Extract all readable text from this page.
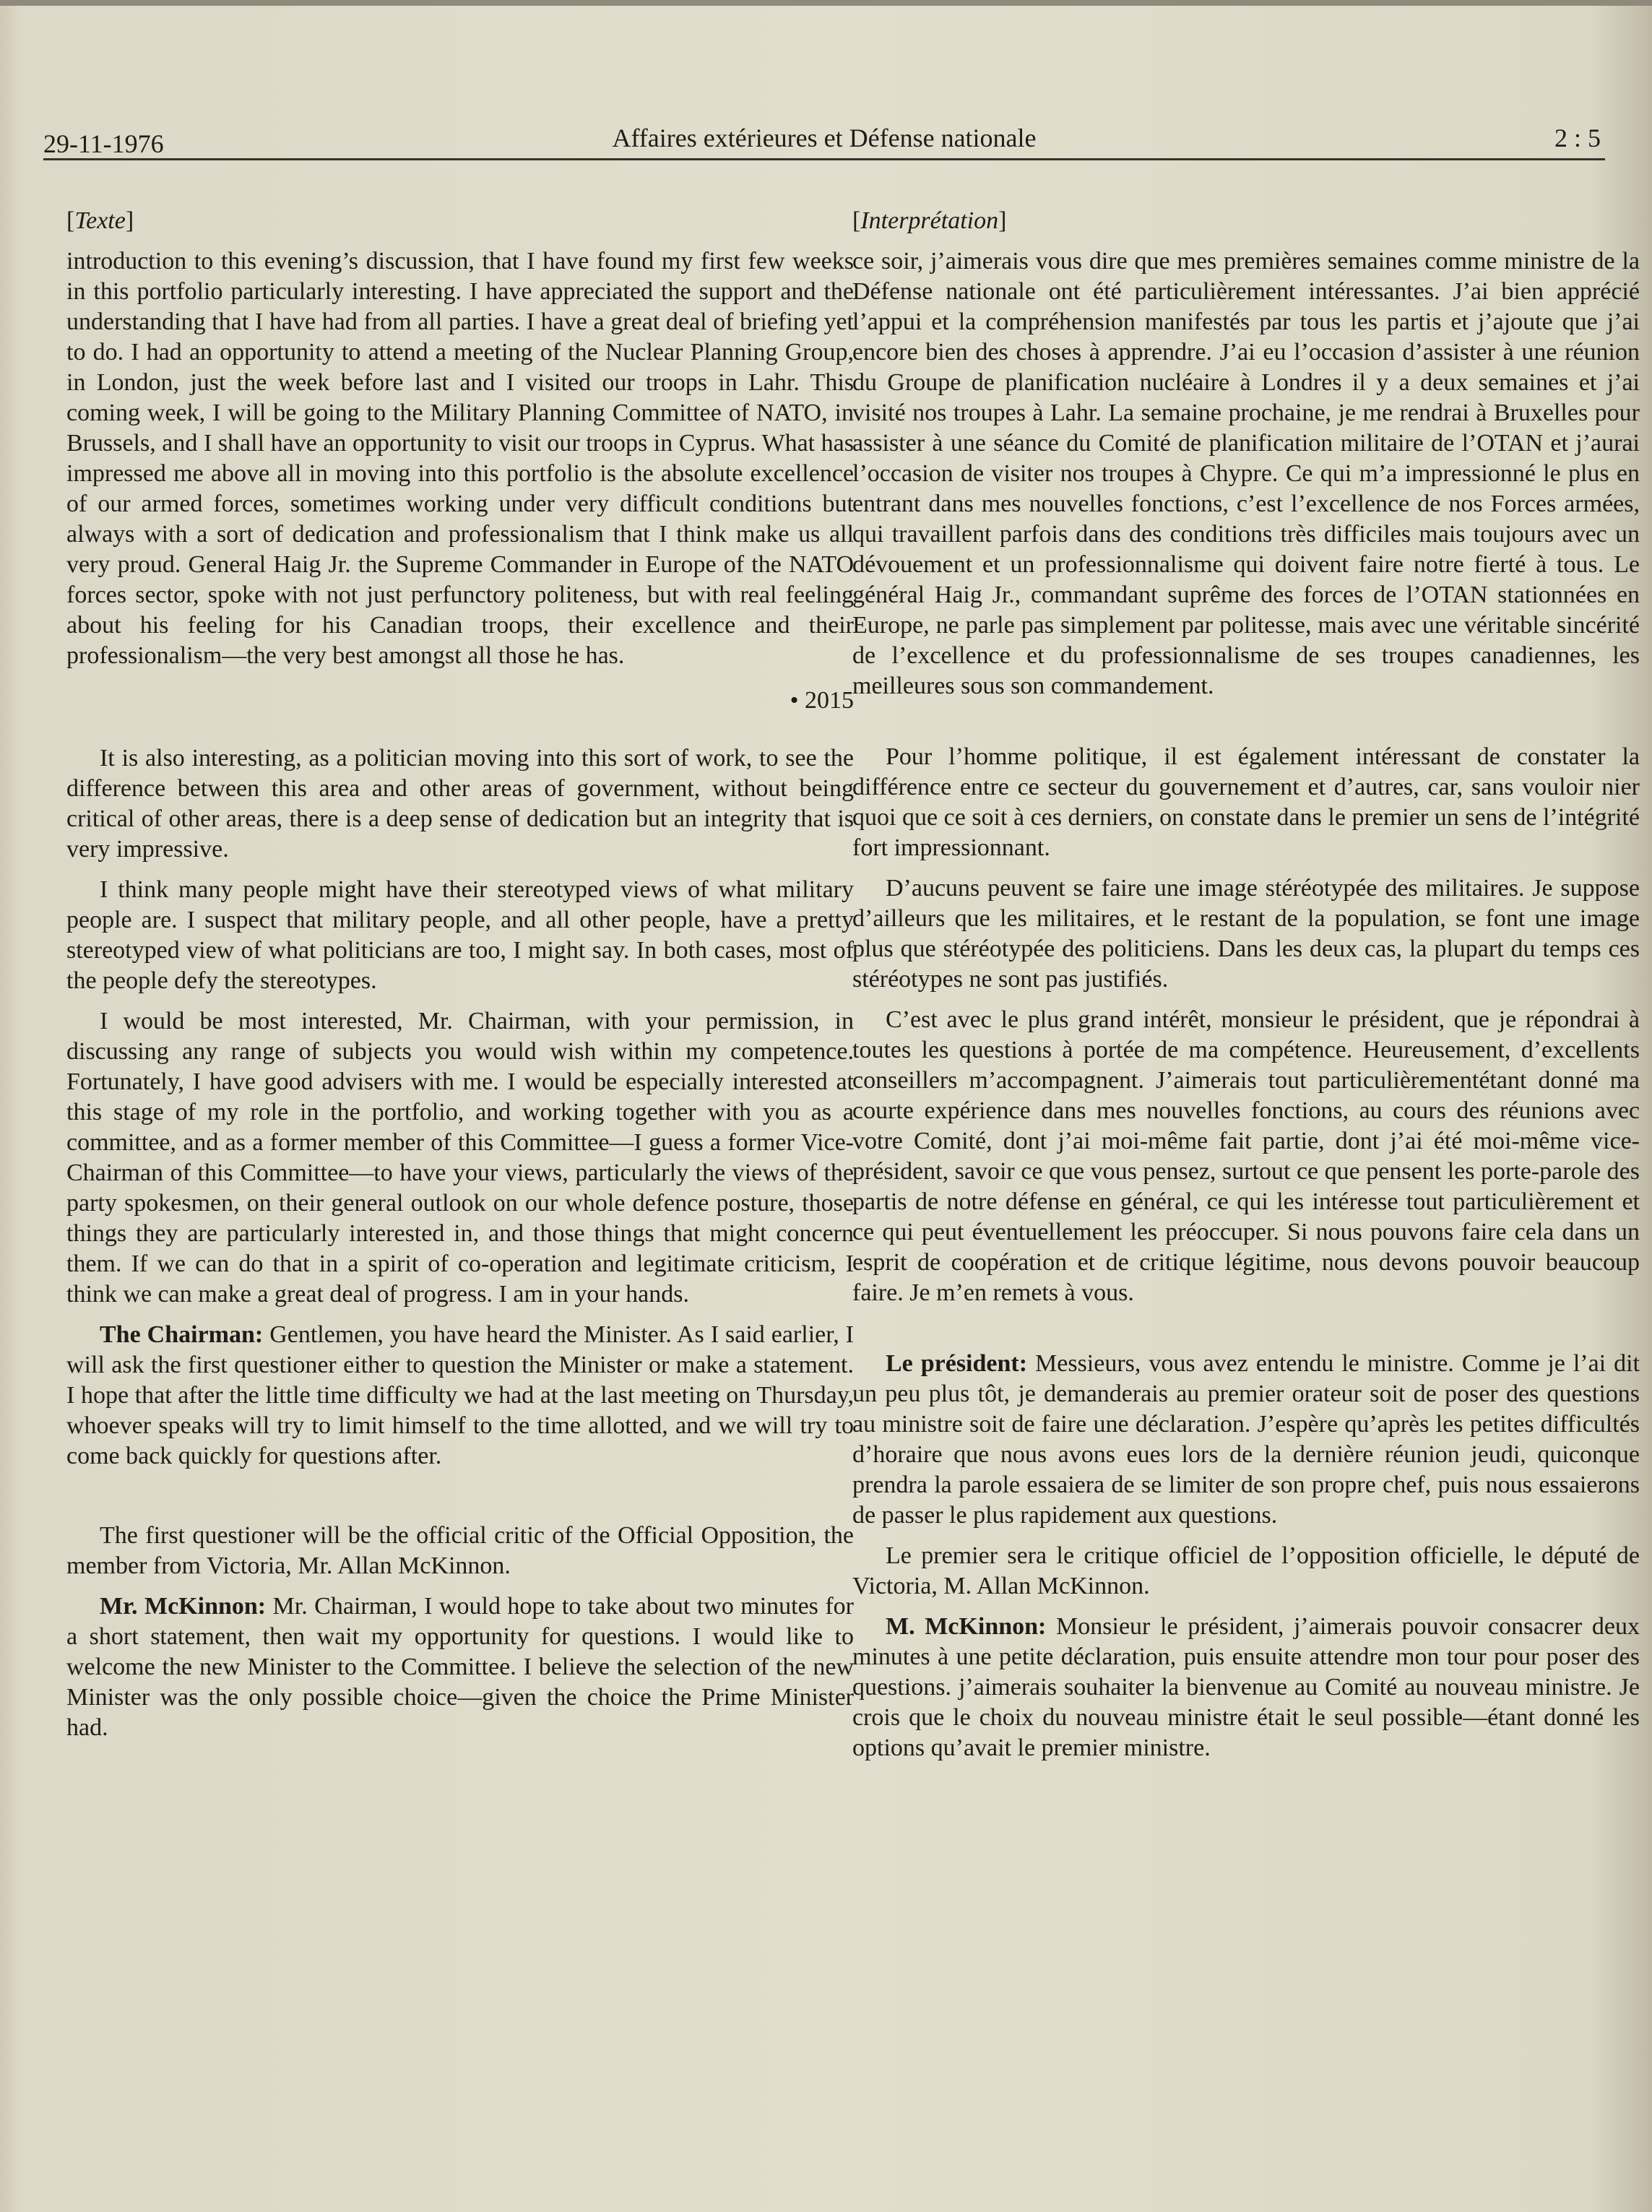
29-11-1976	Affaires extérieures et Défense nationale	2 : 5

[Texte]

introduction to this evening’s discussion, that I have found my first few weeks in this portfolio particularly interesting. I have appreciated the support and the understanding that I have had from all parties. I have a great deal of briefing yet to do. I had an opportunity to attend a meeting of the Nuclear Planning Group, in London, just the week before last and I visited our troops in Lahr. This coming week, I will be going to the Military Planning Committee of NATO, in Brussels, and I shall have an opportunity to visit our troops in Cyprus. What has impressed me above all in moving into this portfolio is the absolute excellence of our armed forces, sometimes working under very difficult conditions but always with a sort of dedication and professionalism that I think make us all very proud. General Haig Jr. the Supreme Commander in Europe of the NATO forces sector, spoke with not just perfunctory politeness, but with real feeling about his feeling for his Canadian troops, their excellence and their professionalism—the very best amongst all those he has.

• 2015

It is also interesting, as a politician moving into this sort of work, to see the difference between this area and other areas of government, without being critical of other areas, there is a deep sense of dedication but an integrity that is very impressive.

I think many people might have their stereotyped views of what military people are. I suspect that military people, and all other people, have a pretty stereotyped view of what politicians are too, I might say. In both cases, most of the people defy the stereotypes.

I would be most interested, Mr. Chairman, with your permission, in discussing any range of subjects you would wish within my competence. Fortunately, I have good advisers with me. I would be especially interested at this stage of my role in the portfolio, and working together with you as a committee, and as a former member of this Committee—I guess a former Vice-Chairman of this Committee—to have your views, particularly the views of the party spokesmen, on their general outlook on our whole defence posture, those things they are particularly interested in, and those things that might concern them. If we can do that in a spirit of co-operation and legitimate criticism, I think we can make a great deal of progress. I am in your hands.

The Chairman: Gentlemen, you have heard the Minister. As I said earlier, I will ask the first questioner either to question the Minister or make a statement. I hope that after the little time difficulty we had at the last meeting on Thursday, whoever speaks will try to limit himself to the time allotted, and we will try to come back quickly for questions after.

The first questioner will be the official critic of the Official Opposition, the member from Victoria, Mr. Allan McKinnon.

Mr. McKinnon: Mr. Chairman, I would hope to take about two minutes for a short statement, then wait my opportunity for questions. I would like to welcome the new Minister to the Committee. I believe the selection of the new Minister was the only possible choice—given the choice the Prime Minister had.

[Interprétation]

ce soir, j’aimerais vous dire que mes premières semaines comme ministre de la Défense nationale ont été particulièrement intéressantes. J’ai bien apprécié l’appui et la compréhension manifestés par tous les partis et j’ajoute que j’ai encore bien des choses à apprendre. J’ai eu l’occasion d’assister à une réunion du Groupe de planification nucléaire à Londres il y a deux semaines et j’ai visité nos troupes à Lahr. La semaine prochaine, je me rendrai à Bruxelles pour assister à une séance du Comité de planification militaire de l’OTAN et j’aurai l’occasion de visiter nos troupes à Chypre. Ce qui m’a impressionné le plus en entrant dans mes nouvelles fonctions, c’est l’excellence de nos Forces armées, qui travaillent parfois dans des conditions très difficiles mais toujours avec un dévouement et un professionnalisme qui doivent faire notre fierté à tous. Le général Haig Jr., commandant suprême des forces de l’OTAN stationnées en Europe, ne parle pas simplement par politesse, mais avec une véritable sincérité de l’excellence et du professionnalisme de ses troupes canadiennes, les meilleures sous son commandement.

Pour l’homme politique, il est également intéressant de constater la différence entre ce secteur du gouvernement et d’autres, car, sans vouloir nier quoi que ce soit à ces derniers, on constate dans le premier un sens de l’intégrité fort impressionnant.

D’aucuns peuvent se faire une image stéréotypée des militaires. Je suppose d’ailleurs que les militaires, et le restant de la population, se font une image plus que stéréotypée des politiciens. Dans les deux cas, la plupart du temps ces stéréotypes ne sont pas justifiés.

C’est avec le plus grand intérêt, monsieur le président, que je répondrai à toutes les questions à portée de ma compétence. Heureusement, d’excellents conseillers m’accompagnent. J’aimerais tout particulièrementétant donné ma courte expérience dans mes nouvelles fonctions, au cours des réunions avec votre Comité, dont j’ai moi-même fait partie, dont j’ai été moi-même vice-président, savoir ce que vous pensez, surtout ce que pensent les porte-parole des partis de notre défense en général, ce qui les intéresse tout particulièrement et ce qui peut éventuellement les préoccuper. Si nous pouvons faire cela dans un esprit de coopération et de critique légitime, nous devons pouvoir beaucoup faire. Je m’en remets à vous.

Le président: Messieurs, vous avez entendu le ministre. Comme je l’ai dit un peu plus tôt, je demanderais au premier orateur soit de poser des questions au ministre soit de faire une déclaration. J’espère qu’après les petites difficultés d’horaire que nous avons eues lors de la dernière réunion jeudi, quiconque prendra la parole essaiera de se limiter de son propre chef, puis nous essaierons de passer le plus rapidement aux questions.

Le premier sera le critique officiel de l’opposition officielle, le député de Victoria, M. Allan McKinnon.

M. McKinnon: Monsieur le président, j’aimerais pouvoir consacrer deux minutes à une petite déclaration, puis ensuite attendre mon tour pour poser des questions. j’aimerais souhaiter la bienvenue au Comité au nouveau ministre. Je crois que le choix du nouveau ministre était le seul possible—étant donné les options qu’avait le premier ministre.
